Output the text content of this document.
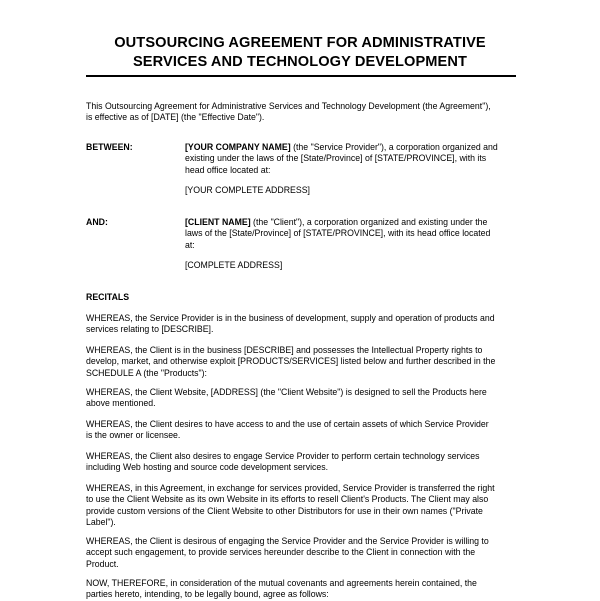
OUTSOURCING AGREEMENT FOR ADMINISTRATIVE
SERVICES AND TECHNOLOGY DEVELOPMENT
This Outsourcing Agreement for Administrative Services and Technology Development (the Agreement"),
is effective as of [DATE] (the "Effective Date").
BETWEEN:	[YOUR COMPANY NAME] (the "Service Provider"), a corporation organized and
existing under the laws of the [State/Province] of [STATE/PROVINCE], with its
head office located at:
[YOUR COMPLETE ADDRESS]
AND:	[CLIENT NAME] (the "Client"), a corporation organized and existing under the
laws of the [State/Province] of [STATE/PROVINCE], with its head office located
at:
[COMPLETE ADDRESS]
RECITALS
WHEREAS, the Service Provider is in the business of development, supply and operation of products and
services relating to [DESCRIBE].
WHEREAS, the Client is in the business [DESCRIBE] and possesses the Intellectual Property rights to
develop, market, and otherwise exploit [PRODUCTS/SERVICES] listed below and further described in the
SCHEDULE A (the "Products"):
WHEREAS, the Client Website, [ADDRESS] (the "Client Website") is designed to sell the Products here
above mentioned.
WHEREAS, the Client desires to have access to and the use of certain assets of which Service Provider
is the owner or licensee.
WHEREAS, the Client also desires to engage Service Provider to perform certain technology services
including Web hosting and source code development services.
WHEREAS, in this Agreement, in exchange for services provided, Service Provider is transferred the right
to use the Client Website as its own Website in its efforts to resell Client's Products. The Client may also
provide custom versions of the Client Website to other Distributors for use in their own names ("Private
Label").
WHEREAS, the Client is desirous of engaging the Service Provider and the Service Provider is willing to
accept such engagement, to provide services hereunder describe to the Client in connection with the
Product.
NOW, THEREFORE, in consideration of the mutual covenants and agreements herein contained, the
parties hereto, intending, to be legally bound, agree as follows:
